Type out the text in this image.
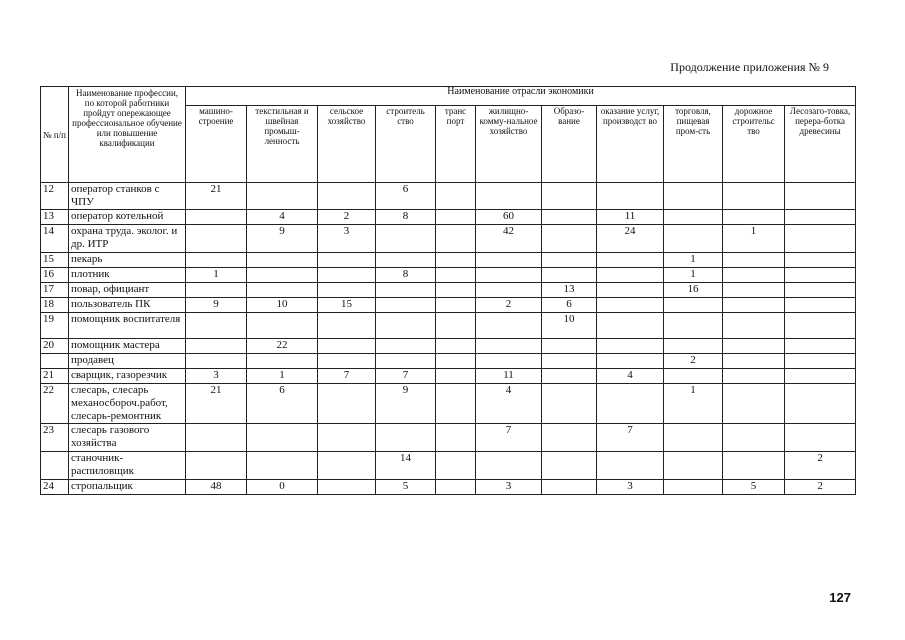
Продолжение приложения № 9
№ п/п	Наименование профессии, по которой работники пройдут опережающее профессиональное обучение или повышение квалификации	Наименование отрасли экономики										
		машино-строение	текстильная и швейная промыш-ленность	сельское хозяйство	строитель ство	транс порт	жилищно-комму-нальное хозяйство	Образо-вание	оказание услуг, производст во	торговля, пищевая пром-сть	дорожное строительс тво	Лесозаго-товка, перера-ботка древесины
12	оператор станков с ЧПУ	21			6							
13	оператор котельной		4	2	8		60		11			
14	охрана труда. эколог. и др. ИТР		9	3			42		24		1	
15	пекарь									1		
16	плотник	1			8					1		
17	повар, официант							13		16		
18	пользователь ПК	9	10	15			2	6				
19	помощник воспитателя							10				
20	помощник мастера		22									
	продавец									2		
21	сварщик, газорезчик	3	1	7	7		11		4			
22	слесарь, слесарь механосбороч.работ, слесарь-ремонтник	21	6		9		4			1		
23	слесарь газового хозяйства						7		7			
	станочник-распиловщик				14							2
24	стропальщик	48	0		5		3		3		5	2
127
